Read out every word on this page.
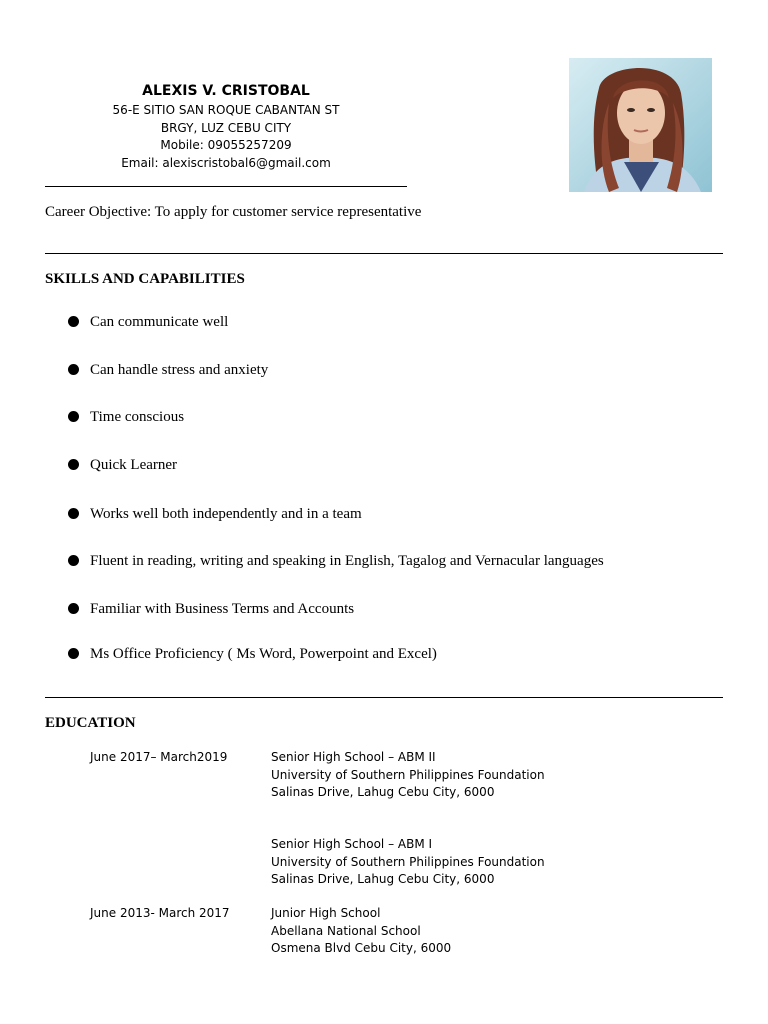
ALEXIS V. CRISTOBAL
56-E SITIO SAN ROQUE CABANTAN ST
BRGY, LUZ CEBU CITY
Mobile: 09055257209
Email: alexiscristobal6@gmail.com
Career Objective: To apply for customer service representative
SKILLS AND CAPABILITIES
Can communicate well
Can handle stress and anxiety
Time conscious
Quick Learner
Works well both independently and in a team
Fluent in reading, writing and speaking in English, Tagalog and Vernacular languages
Familiar with Business Terms and Accounts
Ms Office Proficiency ( Ms Word, Powerpoint and Excel)
EDUCATION
June 2017– March2019	Senior High School – ABM II
University of Southern Philippines Foundation
Salinas Drive, Lahug Cebu City, 6000
Senior High School – ABM I
University of Southern Philippines Foundation
Salinas Drive, Lahug Cebu City, 6000
June 2013- March 2017	Junior High School
Abellana National School
Osmena Blvd Cebu City, 6000
